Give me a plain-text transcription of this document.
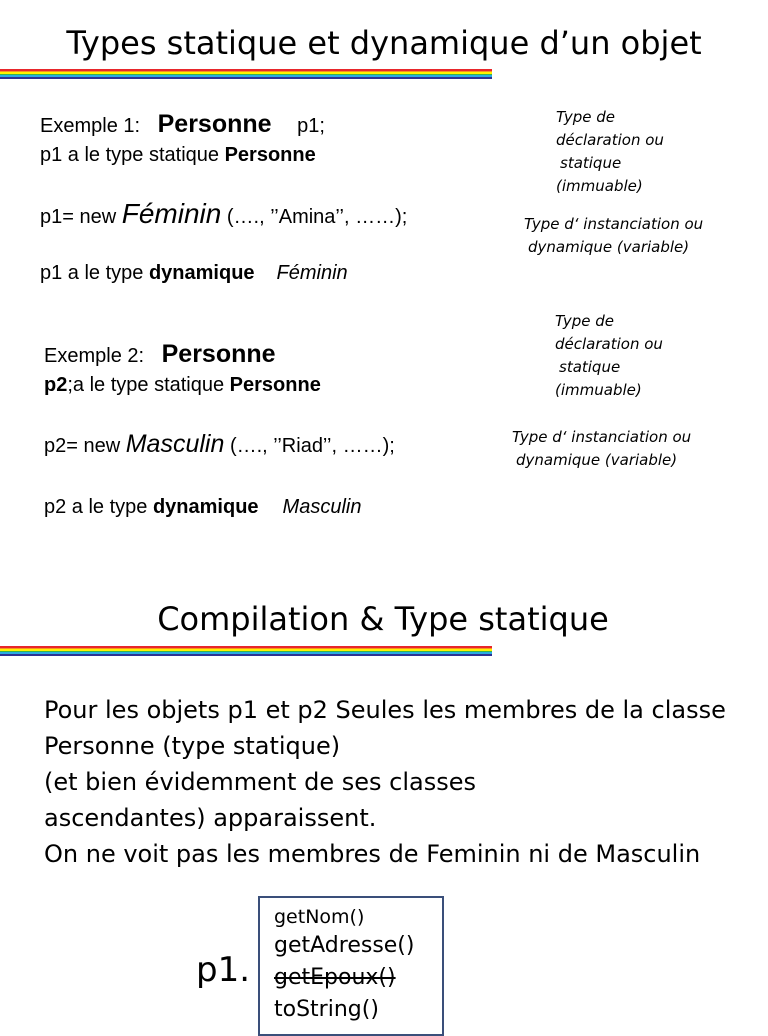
Types statique et dynamique d’un objet
Exemple 1: Personne p1;
p1 a le type statique Personne
p1= new Féminin (…., ’’Amina’’, ……);
p1 a le type dynamique Féminin
Type de
déclaration ou
statique
(immuable)
Type d‘ instanciation ou
dynamique (variable)
Exemple 2: Personne
p2;a le type statique Personne
p2= new Masculin (…., ’’Riad’’, ……);
p2 a le type dynamique Masculin
Type de
déclaration ou
statique
(immuable)
Type d‘ instanciation ou
dynamique (variable)
Compilation & Type statique
Pour les objets p1 et p2 Seules les membres de la classe
Personne (type statique)
(et bien évidemment de ses classes
ascendantes) apparaissent.
On ne voit pas les membres de Feminin ni de Masculin
p1.
getNom()
getAdresse()
getEpoux()
toString()
